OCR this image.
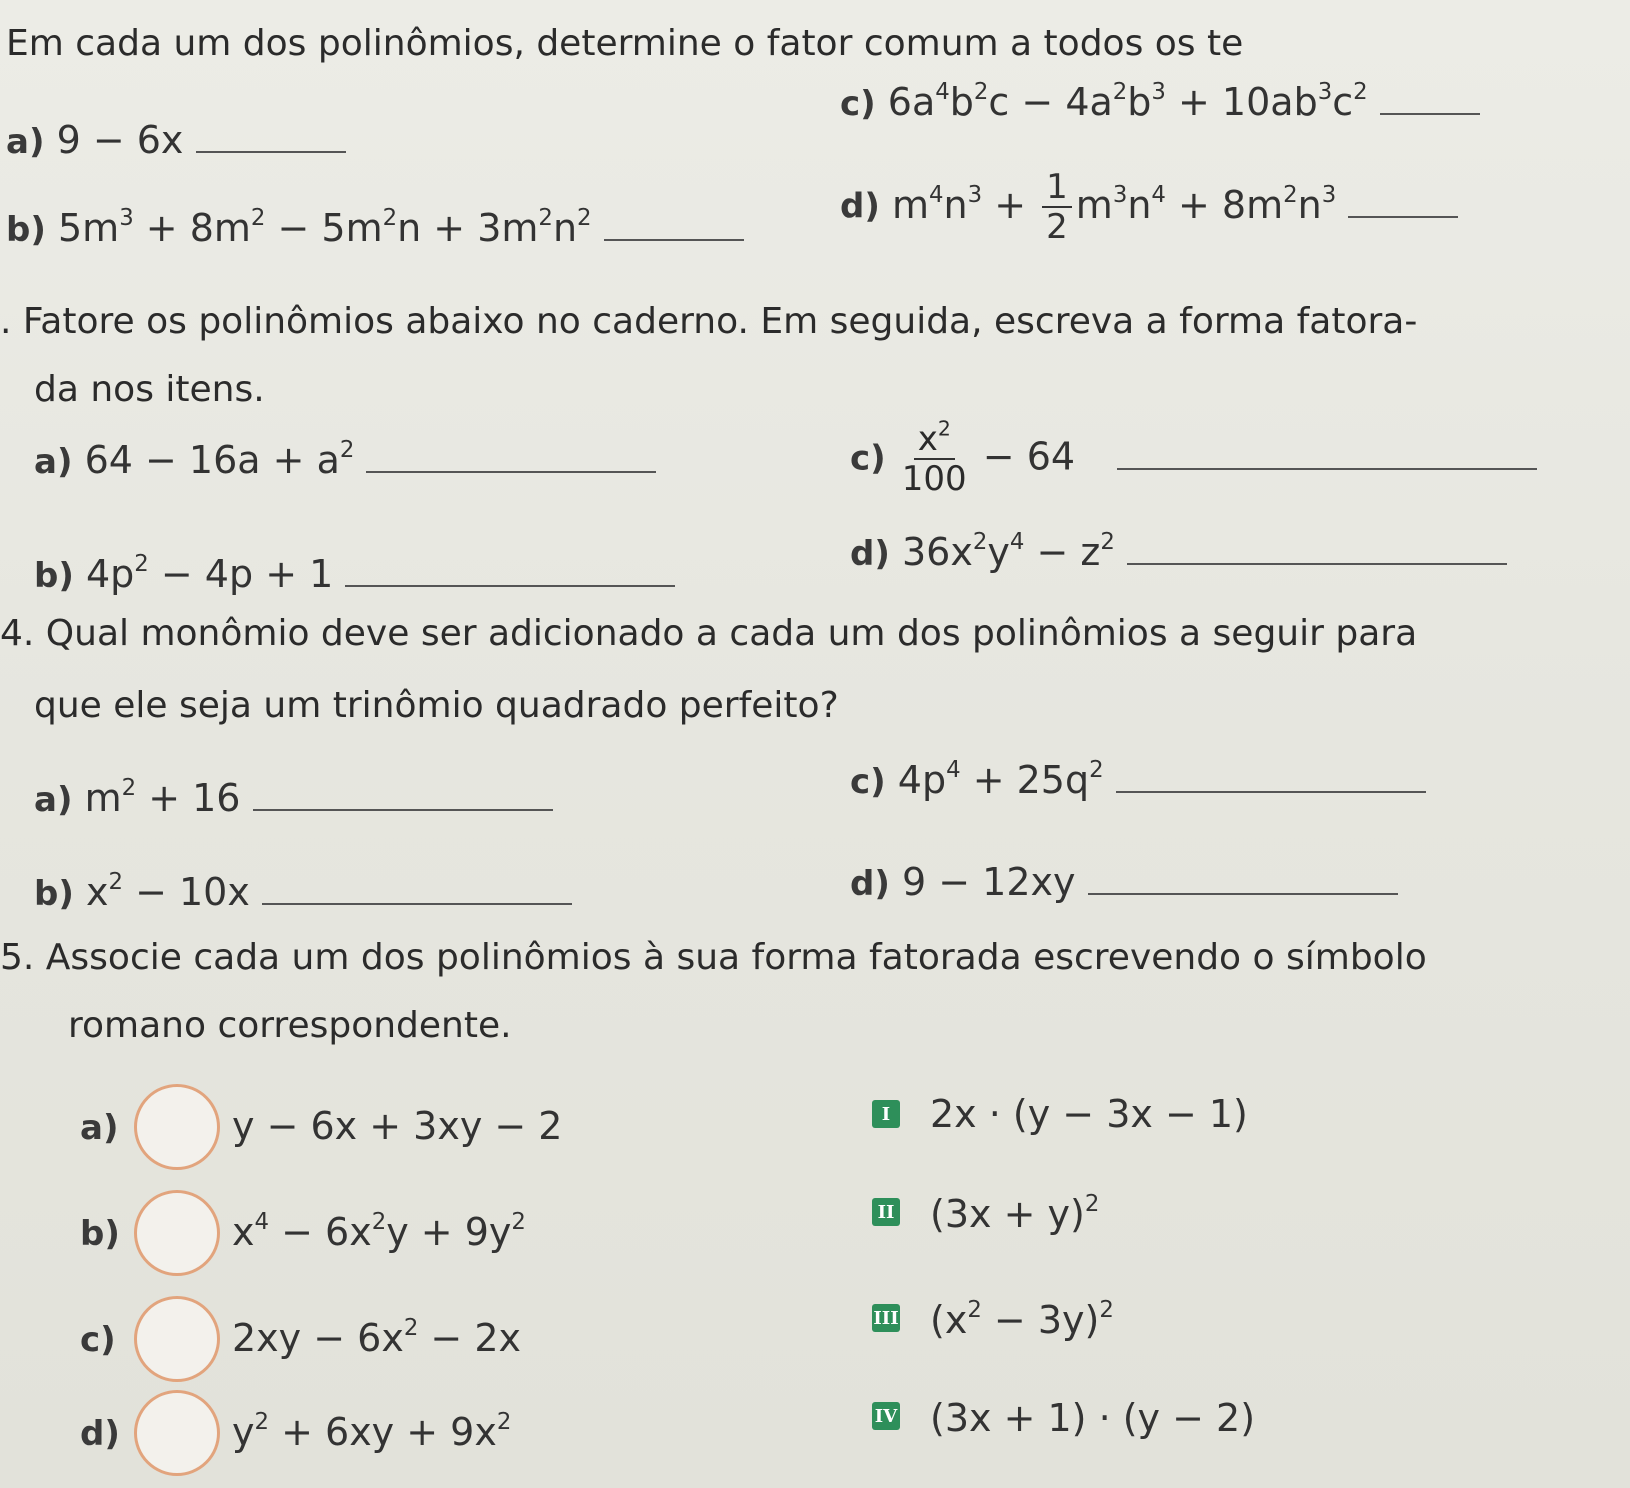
Em cada um dos polinômios, determine o fator comum a todos os te
a) 9 − 6x
b) $5m^3 + 8m^2 - 5m^2n + 3m^2n^2$
c) $6a^4b^2c - 4a^2b^3 + 10ab^3c^2$
d) $m^4n^3 + \frac{1}{2} m^3n^4 + 8m^2n^3$
. Fatore os polinômios abaixo no caderno. Em seguida, escreva a forma fatora-
da nos itens.
a) $64 - 16a + a^2$
b) $4p^2 - 4p + 1$
$c) \frac{x^2}{100} - 64$
d) $36x^2y^4 - z^2$
4. Qual monômio deve ser adicionado a cada um dos polinômios a seguir para
que ele seja um trinômio quadrado perfeito?
a) $m^2 + 16$
b) $x^2 - 10x$
c) $4p^4 + 25q^2$
d) 9 − 12xy
5. Associe cada um dos polinômios à sua forma fatorada escrevendo o símbolo
romano correspondente.
a)	y − 6x + 3xy − 2
b)	$x^4 - 6x^2y + 9y^2$
c)	$2xy - 6x^2 - 2x$
d)	$y^2 + 6xy + 9x^2$
I 2x · (y − 3x − 1)
II $(3x + y)^2$
III $(x^2 - 3y)^2$
IV (3x + 1) · (y − 2)
